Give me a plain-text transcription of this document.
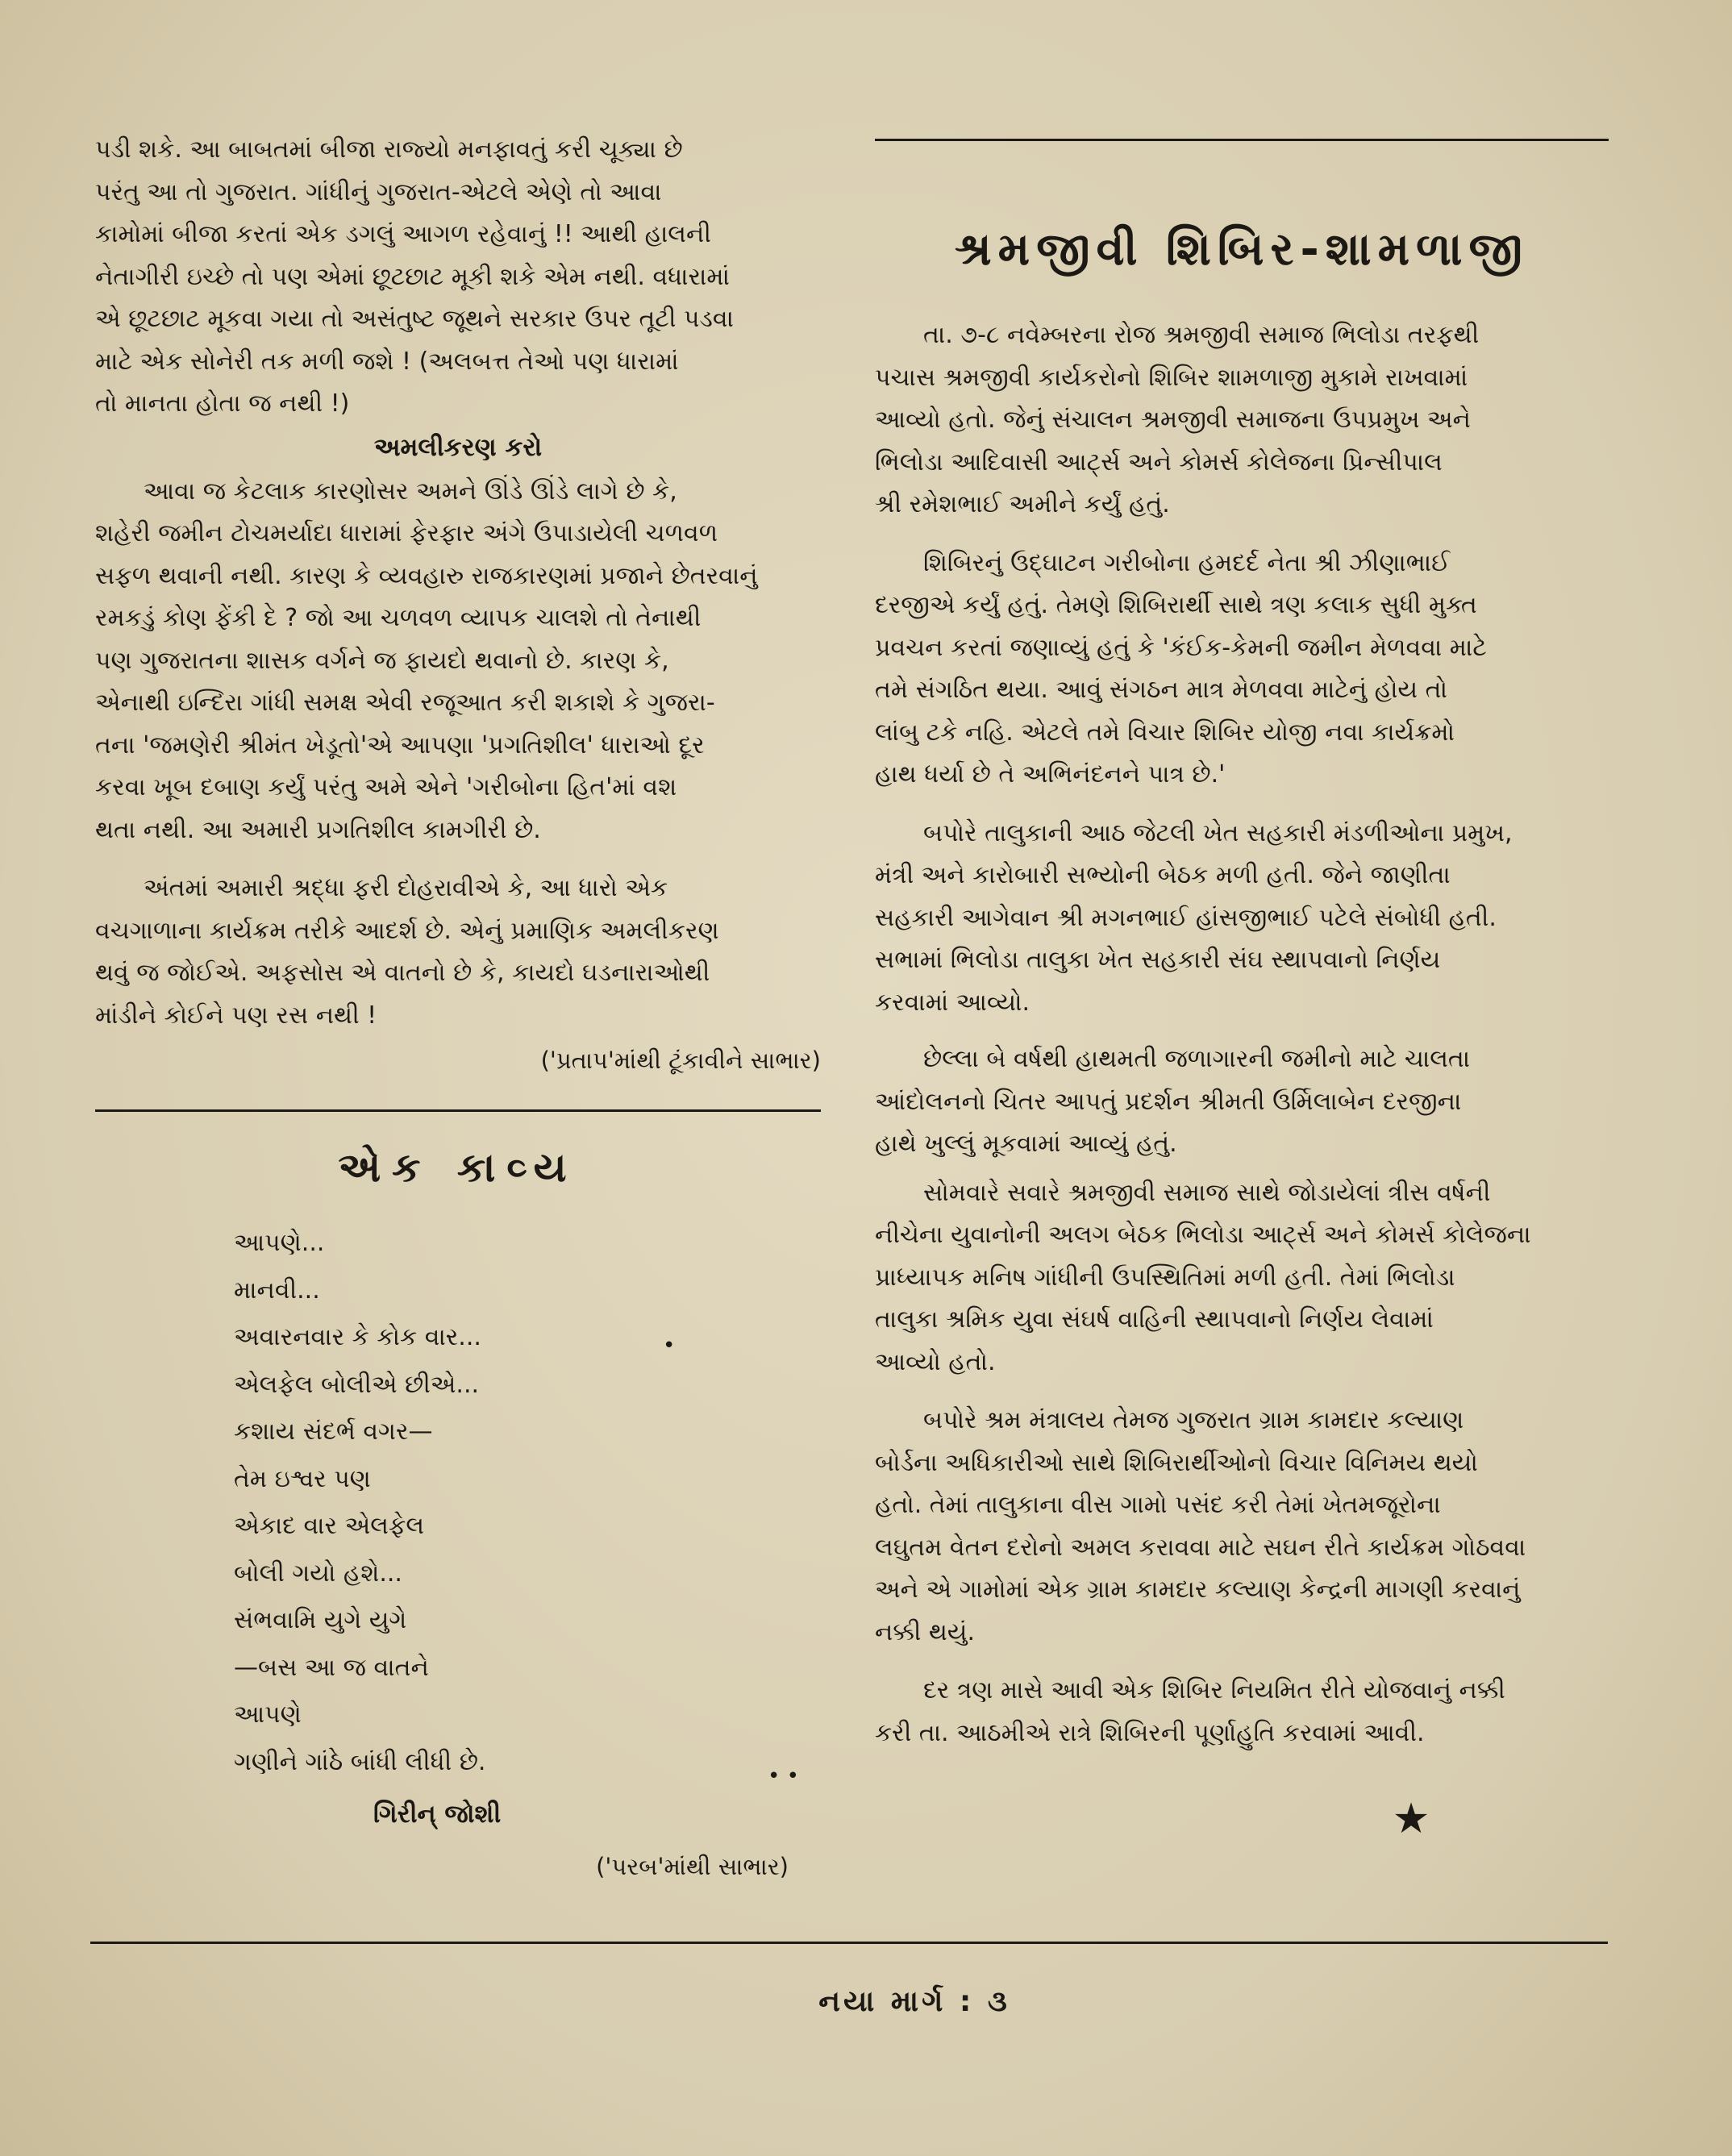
પડી શકે. આ બાબતમાં બીજા રાજ્યો મનફાવતું કરી ચૂક્યા છે
પરંતુ આ તો ગુજરાત. ગાંધીનું ગુજરાત-એટલે એણે તો આવા
કામોમાં બીજા કરતાં એક ડગલું આગળ રહેવાનું !! આથી હાલની
નેતાગીરી ઇચ્છે તો પણ એમાં છૂટછાટ મૂકી શકે એમ નથી. વધારામાં
એ છૂટછાટ મૂકવા ગયા તો અસંતુષ્ટ જૂથને સરકાર ઉપર તૂટી પડવા
માટે એક સોનેરી તક મળી જશે ! (અલબત્ત તેઓ પણ ધારામાં
તો માનતા હોતા જ નથી !)

અમલીકરણ કરો

આવા જ કેટલાક કારણોસર અમને ઊંડે ઊંડે લાગે છે કે,
શહેરી જમીન ટોચમર્યાદા ધારામાં ફેરફાર અંગે ઉપાડાયેલી ચળવળ
સફળ થવાની નથી. કારણ કે વ્યવહારુ રાજકારણમાં પ્રજાને છેતરવાનું
રમકડું કોણ ફેંકી દે ? જો આ ચળવળ વ્યાપક ચાલશે તો તેનાથી
પણ ગુજરાતના શાસક વર્ગને જ ફાયદો થવાનો છે. કારણ કે,
એનાથી ઇન્દિરા ગાંધી સમક્ષ એવી રજૂઆત કરી શકાશે કે ગુજરા-
તના 'જમણેરી શ્રીમંત ખેડૂતો'એ આપણા 'પ્રગતિશીલ' ધારાઓ દૂર
કરવા ખૂબ દબાણ કર્યું પરંતુ અમે એને 'ગરીબોના હિત'માં વશ
થતા નથી. આ અમારી પ્રગતિશીલ કામગીરી છે.

અંતમાં અમારી શ્રદ્ધા ફરી દોહરાવીએ કે, આ ધારો એક
વચગાળાના કાર્યક્રમ તરીકે આદર્શ છે. એનું પ્રમાણિક અમલીકરણ
થવું જ જોઈએ. અફસોસ એ વાતનો છે કે, કાયદો ઘડનારાઓથી
માંડીને કોઈને પણ રસ નથી !

('પ્રતાપ'માંથી ટૂંકાવીને સાભાર)
એક કાવ્ય
આપણે...
માનવી...
અવારનવાર કે કોક વાર...
એલફેલ બોલીએ છીએ...
કશાય સંદર્ભ વગર—
તેમ ઇશ્વર પણ
એકાદ વાર એલફેલ
બોલી ગયો હશે...
સંભવામિ યુગે યુગે
—બસ આ જ વાતને
આપણે
ગણીને ગાંઠે બાંધી લીધી છે.
ગિરીન્ જોશી
('પરબ'માંથી સાભાર)
શ્રમજીવી શિબિર-શામળાજી

તા. ૭-૮ નવેમ્બરના રોજ શ્રમજીવી સમાજ ભિલોડા તરફથી
પચાસ શ્રમજીવી કાર્યકરોનો શિબિર શામળાજી મુકામે રાખવામાં
આવ્યો હતો. જેનું સંચાલન શ્રમજીવી સમાજના ઉપપ્રમુખ અને
ભિલોડા આદિવાસી આર્ટ્સ અને કોમર્સ કોલેજના પ્રિન્સીપાલ
શ્રી રમેશભાઈ અમીને કર્યું હતું.

શિબિરનું ઉદ્ઘાટન ગરીબોના હમદર્દ નેતા શ્રી ઝીણાભાઈ
દરજીએ કર્યું હતું. તેમણે શિબિરાર્થી સાથે ત્રણ કલાક સુધી મુક્ત
પ્રવચન કરતાં જણાવ્યું હતું કે 'કંઈક-કેમની જમીન મેળવવા માટે
તમે સંગઠિત થયા. આવું સંગઠન માત્ર મેળવવા માટેનું હોય તો
લાંબુ ટકે નહિ. એટલે તમે વિચાર શિબિર યોજી નવા કાર્યક્રમો
હાથ ધર્યા છે તે અભિનંદનને પાત્ર છે.'

બપોરે તાલુકાની આઠ જેટલી ખેત સહકારી મંડળીઓના પ્રમુખ,
મંત્રી અને કારોબારી સભ્યોની બેઠક મળી હતી. જેને જાણીતા
સહકારી આગેવાન શ્રી મગનભાઈ હાંસજીભાઈ પટેલે સંબોધી હતી.
સભામાં ભિલોડા તાલુકા ખેત સહકારી સંઘ સ્થાપવાનો નિર્ણય
કરવામાં આવ્યો.

છેલ્લા બે વર્ષથી હાથમતી જળાગારની જમીનો માટે ચાલતા
આંદોલનનો ચિતર આપતું પ્રદર્શન શ્રીમતી ઉર્મિલાબેન દરજીના
હાથે ખુલ્લું મૂકવામાં આવ્યું હતું.

સોમવારે સવારે શ્રમજીવી સમાજ સાથે જોડાયેલાં ત્રીસ વર્ષની
નીચેના યુવાનોની અલગ બેઠક ભિલોડા આર્ટ્સ અને કોમર્સ કોલેજના
પ્રાધ્યાપક મનિષ ગાંધીની ઉપસ્થિતિમાં મળી હતી. તેમાં ભિલોડા
તાલુકા શ્રમિક યુવા સંઘર્ષ વાહિની સ્થાપવાનો નિર્ણય લેવામાં
આવ્યો હતો.

બપોરે શ્રમ મંત્રાલય તેમજ ગુજરાત ગ્રામ કામદાર કલ્યાણ
બોર્ડના અધિકારીઓ સાથે શિબિરાર્થીઓનો વિચાર વિનિમય થયો
હતો. તેમાં તાલુકાના વીસ ગામો પસંદ કરી તેમાં ખેતમજૂરોના
લઘુતમ વેતન દરોનો અમલ કરાવવા માટે સઘન રીતે કાર્યક્રમ ગોઠવવા
અને એ ગામોમાં એક ગ્રામ કામદાર કલ્યાણ કેન્દ્રની માગણી કરવાનું
નક્કી થયું.

દર ત્રણ માસે આવી એક શિબિર નિયમિત રીતે યોજવાનું નક્કી
કરી તા. આઠમીએ રાત્રે શિબિરની પૂર્ણાહુતિ કરવામાં આવી.

★
નયા માર્ગ : ૩
•
• •
